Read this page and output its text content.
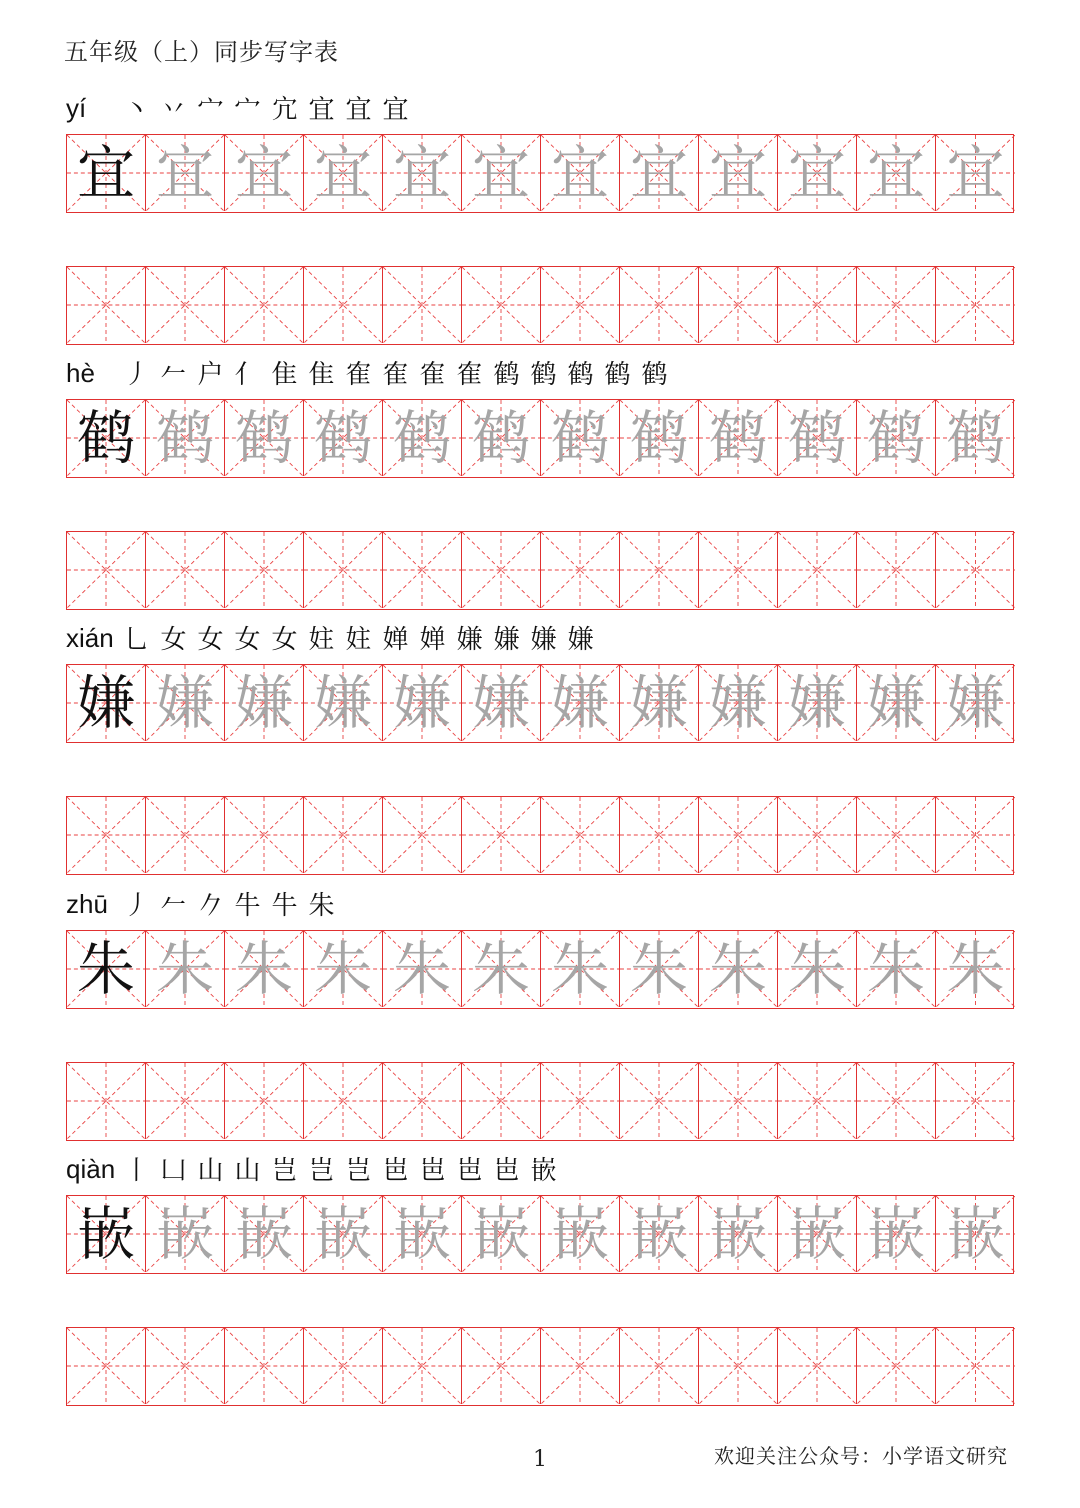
五年级（上）同步写字表
yí 丶 丷 宀 宀 宂 宜 宜 宜
宜 宜 宜 宜 宜 宜 宜 宜 宜 宜 宜 宜
hè 丿 𠂉 户 亻 隹 隹 隺 隺 隺 隺 鹤 鹤 鹤 鹤 鹤
鹤 鹤 鹤 鹤 鹤 鹤 鹤 鹤 鹤 鹤 鹤 鹤
xián 乚 女 女 女 女 妵 妵 婵 婵 嫌 嫌 嫌 嫌
嫌 嫌 嫌 嫌 嫌 嫌 嫌 嫌 嫌 嫌 嫌 嫌
zhū 丿 𠂉 𠂊 牛 牛 朱
朱 朱 朱 朱 朱 朱 朱 朱 朱 朱 朱 朱
qiàn 丨 凵 山 山 岂 岂 岂 岜 岜 岜 岜 嵌
嵌 嵌 嵌 嵌 嵌 嵌 嵌 嵌 嵌 嵌 嵌 嵌
1	欢迎关注公众号：小学语文研究
